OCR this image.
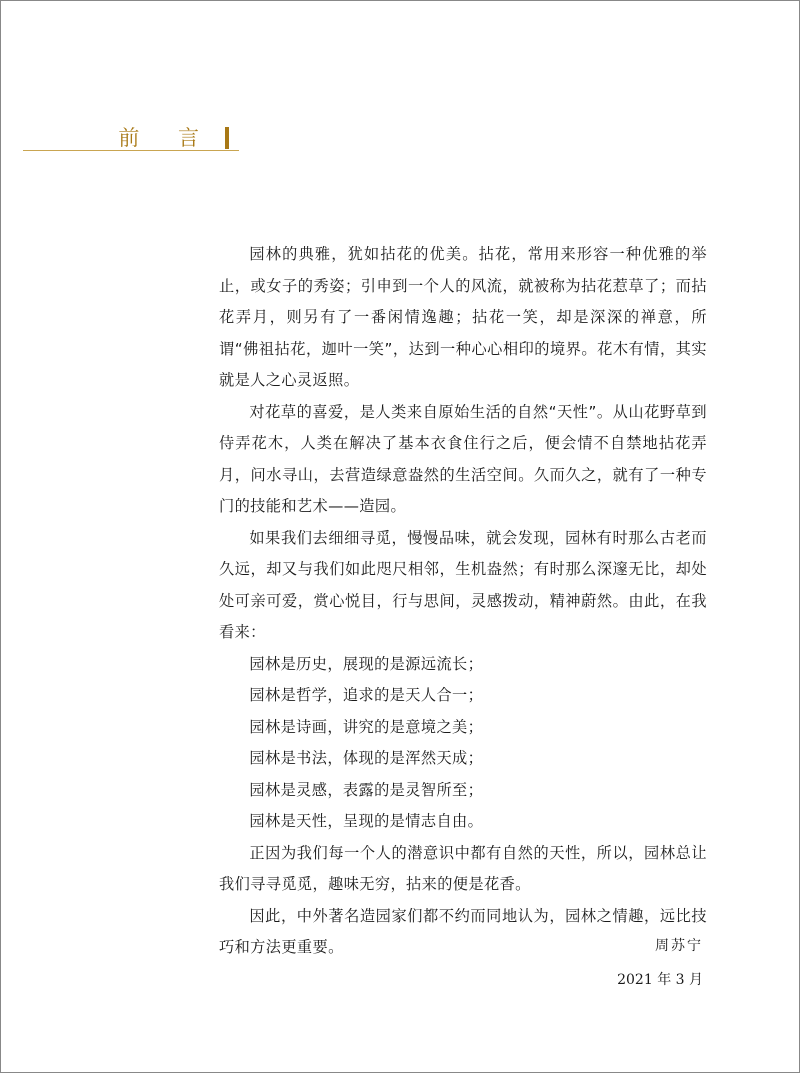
前 言

园林的典雅，犹如拈花的优美。拈花，常用来形容一种优雅的举止，或女子的秀姿；引申到一个人的风流，就被称为拈花惹草了；而拈花弄月，则另有了一番闲情逸趣；拈花一笑，却是深深的禅意，所谓“佛祖拈花，迦叶一笑”，达到一种心心相印的境界。花木有情，其实就是人之心灵返照。

对花草的喜爱，是人类来自原始生活的自然“天性”。从山花野草到侍弄花木，人类在解决了基本衣食住行之后，便会情不自禁地拈花弄月，问水寻山，去营造绿意盎然的生活空间。久而久之，就有了一种专门的技能和艺术——造园。

如果我们去细细寻觅，慢慢品味，就会发现，园林有时那么古老而久远，却又与我们如此咫尺相邻，生机盎然；有时那么深邃无比，却处处可亲可爱，赏心悦目，行与思间，灵感拨动，精神蔚然。由此，在我看来：

园林是历史，展现的是源远流长；

园林是哲学，追求的是天人合一；

园林是诗画，讲究的是意境之美；

园林是书法，体现的是浑然天成；

园林是灵感，表露的是灵智所至；

园林是天性，呈现的是情志自由。

正因为我们每一个人的潜意识中都有自然的天性，所以，园林总让我们寻寻觅觅，趣味无穷，拈来的便是花香。

因此，中外著名造园家们都不约而同地认为，园林之情趣，远比技巧和方法更重要。	周苏宁
2021 年 3 月
